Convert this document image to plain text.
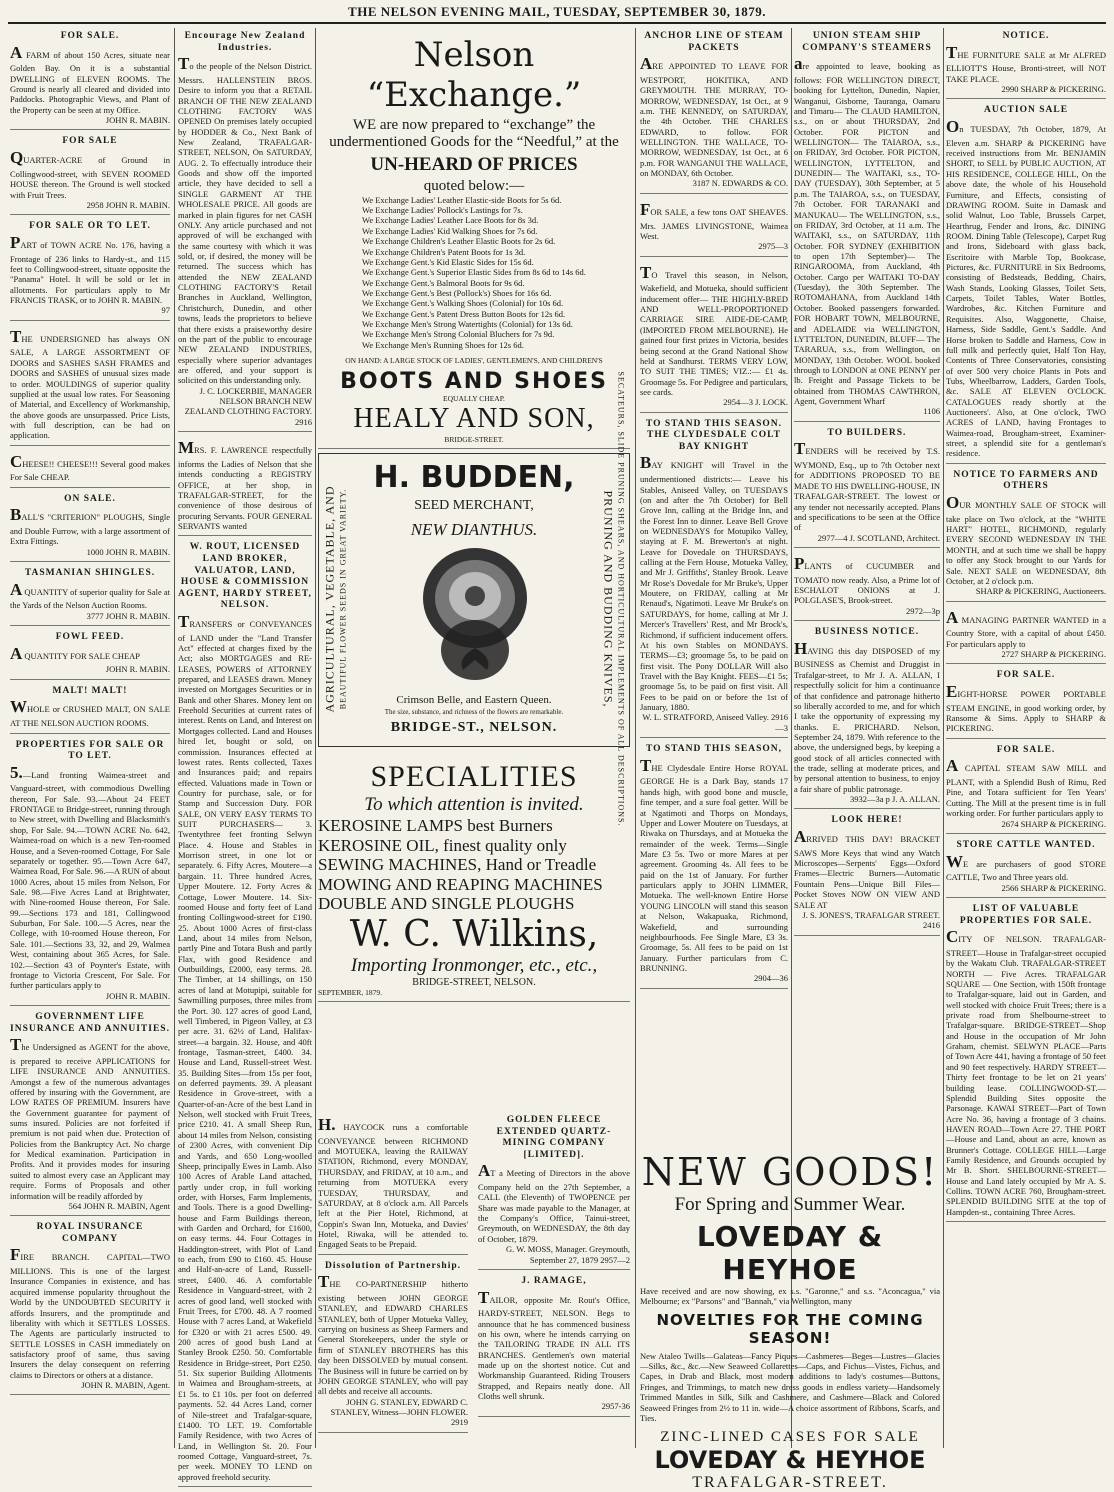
THE NELSON EVENING MAIL, TUESDAY, SEPTEMBER 30, 1879.
FOR SALE.
A FARM of about 150 Acres, situate near Golden Bay. On it is a substantial DWELLING of ELEVEN ROOMS. The Ground is nearly all cleared and divided into Paddocks. Photographic Views, and Plant of the Property can be seen at my Office.
JOHN R. MABIN.
FOR SALE
QUARTER-ACRE of Ground in Collingwood-street, with SEVEN ROOMED HOUSE thereon. The Ground is well stocked with Fruit Trees.
2958 JOHN R. MABIN.
FOR SALE OR TO LET.
PART of TOWN ACRE No. 176, having a Frontage of 236 links to Hardy-st., and 115 feet to Collingwood-street, situate opposite the "Panama" Hotel. It will be sold or let in allotments. For particulars apply to Mr FRANCIS TRASK, or to JOHN R. MABIN.
97
THE UNDERSIGNED has always ON SALE, A LARGE ASSORTMENT OF DOORS and SASHES SASH FRAMES and DOORS and SASHES of unusual sizes made to order. MOULDINGS of superior quality supplied at the usual low rates. For Seasoning of Material, and Excellency of Workmanship, the above goods are unsurpassed. Price Lists, with full description, can be had on application.
CHEESE!! CHEESE!!! Several good makes For Sale CHEAP.
ON SALE.
BALL'S "CRITERION" PLOUGHS, Single and Double Furrow, with a large assortment of Extra Fittings.
1000 JOHN R. MABIN.
TASMANIAN SHINGLES.
A QUANTITY of superior quality for Sale at the Yards of the Nelson Auction Rooms.
3777 JOHN R. MABIN.
FOWL FEED.
A QUANTITY FOR SALE CHEAP
JOHN R. MABIN.
MALT! MALT!
WHOLE or CRUSHED MALT, ON SALE AT THE NELSON AUCTION ROOMS.
PROPERTIES FOR SALE OR TO LET.
5.—Land fronting Waimea-street and Vanguard-street, with commodious Dwelling thereon, For Sale. 93.—About 24 FEET FRONTAGE to Bridge-street, running through to New street, with Dwelling and Blacksmith's shop, For Sale. 94.—TOWN ACRE No. 642, Waimea-road on which is a new Ten-roomed House, and a Seven-roomed Cottage, For Sale separately or together. 95.—Town Acre 647, Waimea Road, For Sale. 96.—A RUN of about 1000 Acres, about 15 miles from Nelson, For Sale. 98.—Five Acres Land at Brightwater, with Nine-roomed House thereon, For Sale. 99.—Sections 173 and 181, Collingwood Suburban, For Sale. 100.—5 Acres, near the College, with 10-roomed House thereon, For Sale. 101.—Sections 33, 32, and 29, Walmea West, containing about 365 Acres, for Sale. 102.—Section 43 of Poynter's Estate, with frontage to Victoria Crescent, For Sale. For further particulars apply to
JOHN R. MABIN.
GOVERNMENT LIFE INSURANCE AND ANNUITIES.
The Undersigned as AGENT for the above, is prepared to receive APPLICATIONS for LIFE INSURANCE AND ANNUITIES. Amongst a few of the numerous advantages offered by insuring with the Government, are LOW RATES OF PREMIUM. Insurers have the Government guarantee for payment of sums insured. Policies are not forfeited if premium is not paid when due. Protection of Policies from the Bankruptcy Act. No charge for Medical examination. Participation in Profits. And it provides modes for insuring suited to almost every case an Applicant may require. Forms of Proposals and other information will be readily afforded by
564 JOHN R. MABIN, Agent
ROYAL INSURANCE COMPANY
FIRE BRANCH. CAPITAL—TWO MILLIONS. This is one of the largest Insurance Companies in existence, and has acquired immense popularity throughout the World by the UNDOUBTED SECURITY it affords Insurers, and the promptitude and liberality with which it SETTLES LOSSES. The Agents are particularly instructed to SETTLE LOSSES in CASH immediately on satisfactory proof of same, thus saving Insurers the delay consequent on referring claims to Directors or others at a distance.
JOHN R. MABIN, Agent.
Encourage New Zealand Industries.
To the people of the Nelson District. Messrs. HALLENSTEIN BROS. Desire to inform you that a RETAIL BRANCH OF THE NEW ZEALAND CLOTHING FACTORY WAS OPENED On premises lately occupied by HODDER & Co., Next Bank of New Zealand, TRAFALGAR-STREET, NELSON, On SATURDAY, AUG. 2. To effectually introduce their Goods and show off the imported article, they have decided to sell a SINGLE GARMENT AT THE WHOLESALE PRICE. All goods are marked in plain figures for net CASH ONLY. Any article purchased and not approved of will be exchanged with the same courtesy with which it was sold, or, if desired, the money will be returned. The success which has attended the NEW ZEALAND CLOTHING FACTORY'S Retail Branches in Auckland, Wellington, Christchurch, Dunedin, and other towns, leads the proprietors to believe that there exists a praiseworthy desire on the part of the public to encourage NEW ZEALAND INDUSTRIES, especially where superior advantages are offered, and your support is solicited on this understanding only.
J. C. LOCKERBIE, MANAGER NELSON BRANCH NEW ZEALAND CLOTHING FACTORY. 2916
MRS. F. LAWRENCE respectfully informs the Ladies of Nelson that she intends conducting a REGISTRY OFFICE, at her shop, in TRAFALGAR-STREET, for the convenience of those desirous of procuring Servants. FOUR GENERAL SERVANTS wanted
W. ROUT, LICENSED LAND BROKER, VALUATOR, LAND, HOUSE & COMMISSION AGENT, HARDY STREET, NELSON.
TRANSFERS or CONVEYANCES of LAND under the "Land Transfer Act" effected at charges fixed by the Act; also MORTGAGES and RE-LEASES, POWERS of ATTORNEY prepared, and LEASES drawn. Money invested on Mortgages Securities or in Bank and other Shares. Money lent on Freehold Securities at current rates of interest. Rents on Land, and Interest on Mortgages collected. Land and Houses hired let, bought or sold, on commission. Insurances effected at lowest rates. Rents collected, Taxes and Insurances paid; and repairs effected. Valuations made in Town or Country for purchase, sale, or for Stamp and Succession Duty. FOR SALE, ON VERY EASY TERMS TO SUIT PURCHASERS— 3. Twentythree feet fronting Selwyn Place. 4. House and Stables in Morrison street, in one lot or separately. 6. Fifty Acres, Moutere—a bargain. 11. Three hundred Acres, Upper Moutere. 12. Forty Acres & Cottage, Lower Moutere. 14. Six-roomed House and forty feet of Land fronting Collingwood-street for £190. 25. About 1000 Acres of first-class Land, about 14 miles from Nelson, partly Pine and Totara Bush and partly Flax, with good Residence and Outbuildings, £2000, easy terms. 28. The Timber, at 14 shillings, on 150 acres of land at Motupipi, suitable for Sawmilling purposes, three miles from the Port. 30. 127 acres of good Land, well Timbered, in Pigeon Valley, at £3 per acre. 31. 62½ of Land, Halifax-street—a bargain. 32. House, and 40ft frontage, Tasman-street, £400. 34. House and Land, Russell-street West. 35. Building Sites—from 15s per foot, on deferred payments. 39. A pleasant Residence in Grove-street, with a Quarter-of-an-Acre of the best Land in Nelson, well stocked with Fruit Trees, price £210. 41. A small Sheep Run, about 14 miles from Nelson, consisting of 2300 Acres, with convenient Dip and Yards, and 650 Long-woolled Sheep, principally Ewes in Lamb. Also 100 Acres of Arable Land attached, partly under crop, in full working order, with Horses, Farm Implements, and Tools. There is a good Dwelling-house and Farm Buildings thereon, with Garden and Orchard, for £1600, on easy terms. 44. Four Cottages in Haddington-street, with Plot of Land to each, from £90 to £160. 45. House and Half-an-acre of Land, Russell-street, £400. 46. A comfortable Residence in Vanguard-street, with 2 acres of good land, well stocked with Fruit Trees, for £700. 48. A 7 roomed House with 7 acres Land, at Wakefield for £320 or with 21 acres £500. 49. 200 acres of good bush Land at Stanley Brook £250. 50. Comfortable Residence in Bridge-street, Port £250. 51. Six superior Building Allotments in Waimea and Brougham-streets, at £1 5s. to £1 10s. per foot on deferred payments. 52. 44 Acres Land, corner of Nile-street and Trafalgar-square, £1400. TO LET. 19. Comfortable Family Residence, with two Acres of Land, in Wellington St. 20. Four roomed Cottage, Vanguard-street, 7s. per week. MONEY TO LEND on approved freehold security.
Nelson “Exchange.”
WE are now prepared to “exchange” the undermentioned Goods for the “Needful,” at the
UN-HEARD OF PRICES
quoted below:—
We Exchange Ladies' Leather Elastic-side Boots for 5s 6d.
We Exchange Ladies' Pollock's Lastings for 7s.
We Exchange Ladies' Leather Lace Boots for 8s 3d.
We Exchange Ladies' Kid Walking Shoes for 7s 6d.
We Exchange Children's Leather Elastic Boots for 2s 6d.
We Exchange Children's Patent Boots for 1s 3d.
We Exchange Gent.'s Kid Elastic Sides for 15s 6d.
We Exchange Gent.'s Superior Elastic Sides from 8s 6d to 14s 6d.
We Exchange Gent.'s Balmoral Boots for 9s 6d.
We Exchange Gent.'s Best (Pollock's) Shoes for 16s 6d.
We Exchange Gent.'s Walking Shoes (Colonial) for 10s 6d.
We Exchange Gent.'s Patent Dress Button Boots for 12s 6d.
We Exchange Men's Strong Watertights (Colonial) for 13s 6d.
We Exchange Men's Strong Colonial Bluchers for 7s 9d.
We Exchange Men's Running Shoes for 12s 6d.
ON HAND: A LARGE STOCK OF LADIES', GENTLEMEN'S, AND CHILDREN'S
BOOTS AND SHOES
EQUALLY CHEAP.
HEALY AND SON,
BRIDGE-STREET.
AGRICULTURAL, VEGETABLE, AND BEAUTIFUL FLOWER SEEDS IN GREAT VARIETY.	PRUNING AND BUDDING KNIVES, SECATEURS, SLIDE PRUNING SHEARS, AND HORTICULTURAL IMPLEMENTS OF ALL DESCRIPTIONS.
H. BUDDEN,
SEED MERCHANT,
NEW DIANTHUS.
Crimson Belle, and Eastern Queen.
The size, substance, and richness of the flowers are remarkable.
BRIDGE-ST., NELSON.
SPECIALITIES
To which attention is invited.
KEROSINE LAMPS best Burners
KEROSINE OIL, finest quality only
SEWING MACHINES, Hand or Treadle
MOWING AND REAPING MACHINES
DOUBLE AND SINGLE PLOUGHS
W. C. Wilkins,
Importing Ironmonger, etc., etc.,
BRIDGE-STREET, NELSON.
SEPTEMBER, 1879.
H. HAYCOCK runs a comfortable CONVEYANCE between RICHMOND and MOTUEKA, leaving the RAILWAY STATION, Richmond, every MONDAY, THURSDAY, and FRIDAY, at 10 a.m., and returning from MOTUEKA every TUESDAY, THURSDAY, and SATURDAY, at 8 o'clock a.m. All Parcels left at the Pier Hotel, Richmond, at Coppin's Swan Inn, Motueka, and Davies' Hotel, Riwaka, will be attended to. Engaged Seats to be Prepaid.
Dissolution of Partnership.
THE CO-PARTNERSHIP hitherto existing between JOHN GEORGE STANLEY, and EDWARD CHARLES STANLEY, both of Upper Motueka Valley, carrying on business as Sheep Farmers and General Storekeepers, under the style or firm of STANLEY BROTHERS has this day been DISSOLVED by mutual consent. The Business will in future be carried on by JOHN GEORGE STANLEY, who will pay all debts and receive all accounts.
JOHN G. STANLEY, EDWARD C. STANLEY, Witness—JOHN FLOWER. 2919
GOLDEN FLEECE EXTENDED QUARTZ-MINING COMPANY [LIMITED].
AT a Meeting of Directors in the above Company held on the 27th September, a CALL (the Eleventh) of TWOPENCE per Share was made payable to the Manager, at the Company's Office, Tainui-street, Greymouth, on WEDNESDAY, the 8th day of October, 1879.
G. W. MOSS, Manager. Greymouth, September 27, 1879 2957—2
J. RAMAGE,
TAILOR, opposite Mr. Rout's Office, HARDY-STREET, NELSON. Begs to announce that he has commenced business on his own, where he intends carrying on the TAILORING TRADE IN ALL ITS BRANCHES. Gentlemen's own material made up on the shortest notice. Cut and Workmanship Guaranteed. Riding Trousers Strapped, and Repairs neatly done. All Cloths well shrunk.
2957-36
ANCHOR LINE OF STEAM PACKETS
ARE APPOINTED TO LEAVE FOR WESTPORT, HOKITIKA, AND GREYMOUTH. THE MURRAY, TO-MORROW, WEDNESDAY, 1st Oct., at 9 a.m. THE KENNEDY, on SATURDAY, the 4th October. THE CHARLES EDWARD, to follow. FOR WELLINGTON. THE WALLACE, TO-MORROW, WEDNESDAY, 1st Oct., at 6 p.m. FOR WANGANUI THE WALLACE, on MONDAY, 6th October.
3187 N. EDWARDS & CO.
FOR SALE, a few tons OAT SHEAVES. Mrs. JAMES LIVINGSTONE, Waimea West.
2975—3
TO Travel this season, in Nelson, Wakefield, and Motueka, should sufficient inducement offer— THE HIGHLY-BRED AND WELL-PROPORTIONED CARRIAGE SIRE AIDE-DE-CAMP, (IMPORTED FROM MELBOURNE). He gained four first prizes in Victoria, besides being second at the Grand National Show held at Sandhurst. TERMS VERY LOW, TO SUIT THE TIMES; VIZ.:— £1 4s. Groomage 5s. For Pedigree and particulars, see cards.
2954—3 J. LOCK.
TO STAND THIS SEASON. THE CLYDESDALE COLT BAY KNIGHT
BAY KNIGHT will Travel in the undermentioned districts:— Leave his Stables, Aniseed Valley, on TUESDAYS (on and after the 7th October) for Bell Grove Inn, calling at the Bridge Inn, and the Forest Inn to dinner. Leave Bell Grove on WEDNESDAYS for Motupiko Valley, staying at F. M. Brewerton's at night. Leave for Dovedale on THURSDAYS, calling at the Fern House, Motueka Valley, and Mr J. Griffiths', Stanley Brook. Leave Mr Rose's Dovedale for Mr Bruke's, Upper Moutere, on FRIDAY, calling at Mr Renaud's, Ngatimoti. Leave Mr Bruke's on SATURDAYS, for home, calling at Mr J. Mercer's Travellers' Rest, and Mr Brock's, Richmond, if sufficient inducement offers. At his own Stables on MONDAYS. TERMS—£3; groomage 5s, to be paid on first visit. The Pony DOLLAR Will also Travel with the Bay Knight. FEES—£1 5s; groomage 5s, to be paid on first visit. All Fees to be paid on or before the 1st of January, 1880.
W. L. STRATFORD, Aniseed Valley. 2916—3
TO STAND THIS SEASON,
THE Clydesdale Entire Horse ROYAL GEORGE He is a Dark Bay, stands 17 hands high, with good bone and muscle, fine temper, and a sure foal getter. Will be at Ngatimoti and Thorps on Mondays, Upper and Lower Moutere on Tuesdays, at Riwaka on Thursdays, and at Motueka the remainder of the week. Terms—Single Mare £3 5s. Two or more Mares at per agreement. Grooming 4s. All fees to be paid on the 1st of January. For further particulars apply to JOHN LIMMER, Motueka. The well-known Entire Horse YOUNG LINCOLN will stand this season at Nelson, Wakapuaka, Richmond, Wakefield, and surrounding neighbourhoods. Fee Single Mare, £3 3s. Groomage, 5s. All fees to be paid on 1st January. Further particulars from C. BRUNNING.
2904—36
UNION STEAM SHIP COMPANY'S STEAMERS
are appointed to leave, booking as follows: FOR WELLINGTON DIRECT, booking for Lyttelton, Dunedin, Napier, Wanganui, Gisborne, Tauranga, Oamaru and Timaru— The CLAUD HAMILTON, s.s., on or about THURSDAY, 2nd October. FOR PICTON and WELLINGTON— The TAIAROA, s.s., on FRIDAY, 3rd October. FOR PICTON, WELLINGTON, LYTTELTON, and DUNEDIN— The WAITAKI, s.s., TO-DAY (TUESDAY), 30th September, at 5 p.m. The TAIAROA, s.s., on TUESDAY, 7th October. FOR TARANAKI and MANUKAU— The WELLINGTON, s.s., on FRIDAY, 3rd October, at 11 a.m. The WAITAKI, s.s., on SATURDAY, 11th October. FOR SYDNEY (EXHIBITION to open 17th September)— The RINGAROOMA, from Auckland, 4th October. Cargo per WAITAKI TO-DAY (Tuesday), the 30th September. The ROTOMAHANA, from Auckland 14th October. Booked passengers forwarded. FOR HOBART TOWN, MELBOURNE, and ADELAIDE via WELLINGTON, LYTTELTON, DUNEDIN, BLUFF— The TARARUA, s.s., from Wellington, on MONDAY, 13th October. WOOL booked through to LONDON at ONE PENNY per lb. Freight and Passage Tickets to be obtained from THOMAS CAWTHRON, Agent, Government Wharf
1106
TO BUILDERS.
TENDERS will be received by T.S. WYMOND, Esq., up to 7th October next for ADDITIONS PROPOSED TO BE MADE TO HIS DWELLING-HOUSE, IN TRAFALGAR-STREET. The lowest or any tender not necessarily accepted. Plans and specifications to be seen at the Office of
2977—4 J. SCOTLAND, Architect.
PLANTS of CUCUMBER and TOMATO now ready. Also, a Prime lot of ESCHALOT ONIONS at J. POLGLASE'S, Brook-street.
2972—3p
BUSINESS NOTICE.
HAVING this day DISPOSED of my BUSINESS as Chemist and Druggist in Trafalgar-street, to Mr J. A. ALLAN, I respectfully solicit for him a continuance of that confidence and patronage hitherto so liberally accorded to me, and for which I take the opportunity of expressing my thanks. E. PRICHARD. Nelson, September 24, 1879. With reference to the above, the undersigned begs, by keeping a good stock of all articles connected with the trade, selling at moderate prices, and by personal attention to business, to enjoy a fair share of public patronage.
3932—3a p J. A. ALLAN.
LOOK HERE!
ARRIVED THIS DAY! BRACKET SAWS More Keys that wind any Watch Microscopes—Serpents' Eggs—Oxford Frames—Electric Burners—Automatic Fountain Pens—Unique Bill Files—Pocket Stoves NOW ON VIEW AND SALE AT
J. S. JONES'S, TRAFALGAR STREET. 2416
NOTICE.
THE FURNITURE SALE at Mr ALFRED ELLIOTT'S House, Bronti-street, will NOT TAKE PLACE.
2990 SHARP & PICKERING.
AUCTION SALE
On TUESDAY, 7th October, 1879, At Eleven a.m. SHARP & PICKERING have received instructions from Mr. BENJAMIN SHORT, to SELL by PUBLIC AUCTION, AT HIS RESIDENCE, COLLEGE HILL, On the above date, the whole of his Household Furniture, and Effects, consisting of DRAWING ROOM. Suite in Damask and solid Walnut, Loo Table, Brussels Carpet, Hearthrug, Fender and Irons, &c. DINING ROOM. Dining Table (Telescope), Carpet Rug and Irons, Sideboard with glass back, Escritoire with Marble Top, Bookcase, Pictures, &c. FURNITURE in Six Bedrooms, consisting of Bedsteads, Bedding, Chairs, Wash Stands, Looking Glasses, Toilet Sets, Carpets, Toilet Tables, Water Bottles, Wardrobes, &c. Kitchen Furniture and Requisites. Also, Waggonette, Chaise, Harness, Side Saddle, Gent.'s Saddle. And Horse broken to Saddle and Harness, Cow in full milk and perfectly quiet, Half Ton Hay, Contents of Three Conservatories, consisting of over 500 very choice Plants in Pots and Tubs, Wheelbarrow, Ladders, Garden Tools, &c. SALE AT ELEVEN O'CLOCK. CATALOGUES ready shortly at the Auctioneers'. Also, at One o'clock, TWO ACRES of LAND, having Frontages to Waimea-road, Brougham-street, Examiner-street, a splendid site for a gentleman's residence.
NOTICE TO FARMERS AND OTHERS
OUR MONTHLY SALE OF STOCK will take place on Two o'clock, at the "WHITE HART" HOTEL, RICHMOND, regularly EVERY SECOND WEDNESDAY IN THE MONTH, and at such time we shall be happy to offer any Stock brought to our Yards for Sale. NEXT SALE on WEDNESDAY, 8th October, at 2 o'clock p.m.
SHARP & PICKERING, Auctioneers.
A MANAGING PARTNER WANTED in a Country Store, with a capital of about £450. For particulars apply to
2727 SHARP & PICKERING.
FOR SALE.
EIGHT-HORSE POWER PORTABLE STEAM ENGINE, in good working order, by Ransome & Sims. Apply to SHARP & PICKERING.
FOR SALE.
A CAPITAL STEAM SAW MILL and PLANT, with a Splendid Bush of Rimu, Red Pine, and Totara sufficient for Ten Years' Cutting. The Mill at the present time is in full working order. For further particulars apply to
2674 SHARP & PICKERING.
STORE CATTLE WANTED.
WE are purchasers of good STORE CATTLE, Two and Three years old.
2566 SHARP & PICKERING.
LIST OF VALUABLE PROPERTIES FOR SALE.
CITY OF NELSON. TRAFALGAR-STREET—House in Trafalgar-street occupied by the Wakatu Club. TRAFALGAR-STREET NORTH — Five Acres. TRAFALGAR SQUARE — One Section, with 150ft frontage to Trafalgar-square, laid out in Garden, and well stocked with choice Fruit Trees; there is a private road from Shelbourne-street to Trafalgar-square. BRIDGE-STREET—Shop and House in the occupation of Mr John Graham, chemist. SELWYN PLACE—Parts of Town Acre 441, having a frontage of 50 feet and 90 feet respectively. HARDY STREET—Thirty feet frontage to be let on 21 years' building lease. COLLINGWOOD-ST.—Splendid Building Sites opposite the Parsonage. KAWAI STREET—Part of Town Acre No. 36, having a frontage of 3 chains. HAVEN ROAD—Town Acre 27. THE PORT—House and Land, about an acre, known as Brunner's Cottage. COLLEGE HILL—Large Family Residence, and Grounds occupied by Mr B. Short. SHELBOURNE-STREET—House and Land lately occupied by Mr A. S. Collins. TOWN ACRE 760, Brougham-street. SPLENDID BUILDING SITE at the top of Hampden-st., containing Three Acres.
NEW GOODS!
For Spring and Summer Wear.
LOVEDAY & HEYHOE
Have received and are now showing, ex s.s. "Garonne," and s.s. "Aconcagua," via Melbourne; ex "Parsons" and "Bannah," via Wellington, many
NOVELTIES FOR THE COMING SEASON!
New Ataleo Twills—Galateas—Fancy Piques—Cashmeres—Beges—Lustres—Glacies—Silks, &c., &c.—New Seaweed Collarettes—Caps, and Fichus—Vistes, Fichus, and Capes, in Drab and Black, most modern additions to lady's costumes—Buttons, Fringes, and Trimmings, to match new dress goods in endless variety—Handsomely Trimmed Mantles in Silk, Silk and Cashmere, and Cashmere—Black and Colored Seaweed Fringes from 2½ to 11 in. wide—A choice assortment of Ribbons, Scarfs, and Ties.
ZINC-LINED CASES FOR SALE
LOVEDAY & HEYHOE
TRAFALGAR-STREET.
